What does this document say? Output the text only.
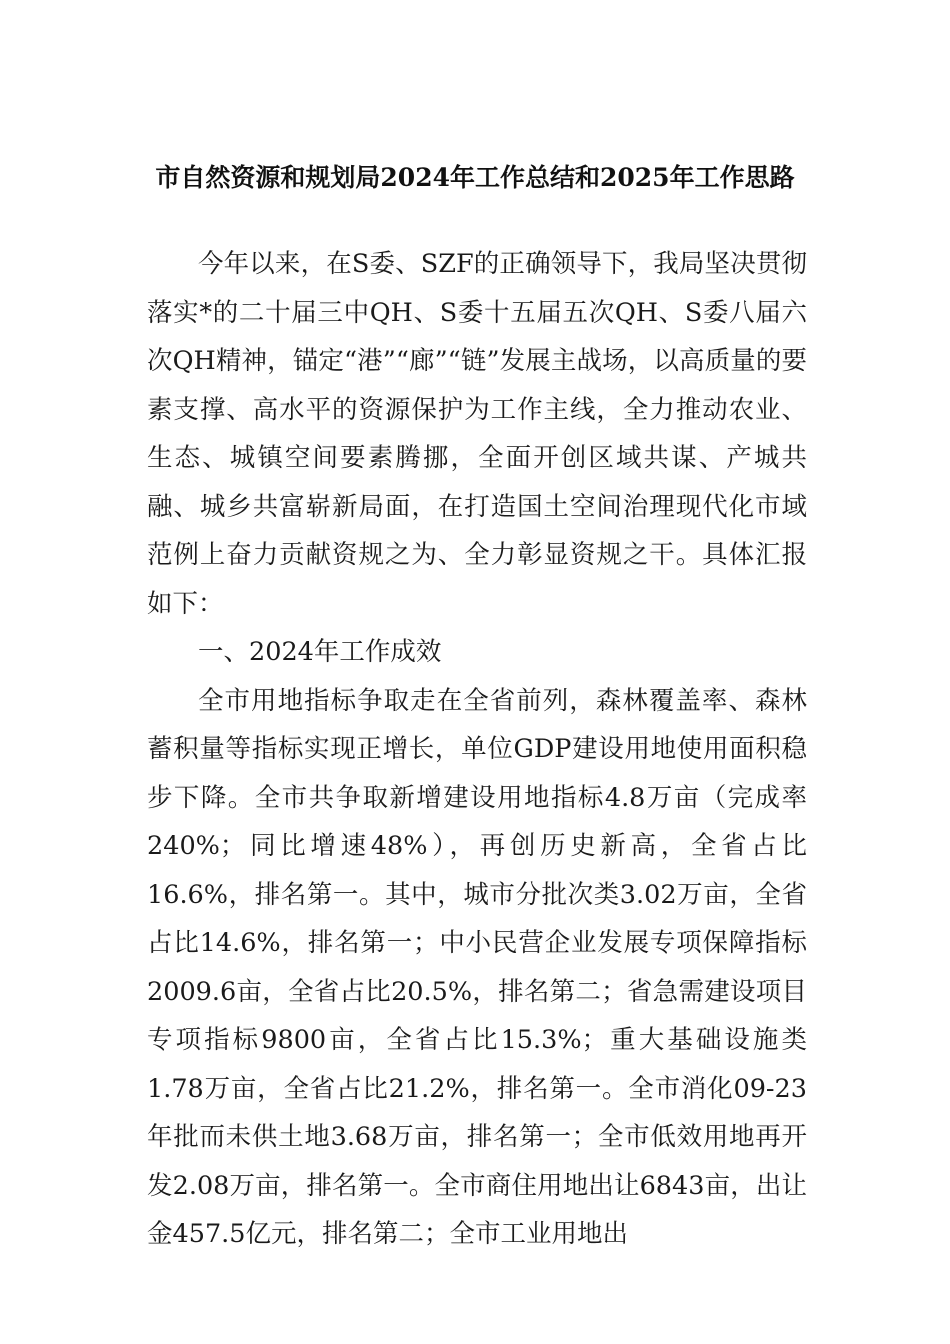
市自然资源和规划局2024年工作总结和2025年工作思路

今年以来，在S委、SZF的正确领导下，我局坚决贯彻落实*的二十届三中QH、S委十五届五次QH、S委八届六次QH精神，锚定“港”“廊”“链”发展主战场，以高质量的要素支撑、高水平的资源保护为工作主线，全力推动农业、生态、城镇空间要素腾挪，全面开创区域共谋、产城共融、城乡共富崭新局面，在打造国土空间治理现代化市域范例上奋力贡献资规之为、全力彰显资规之干。具体汇报如下：

一、2024年工作成效

全市用地指标争取走在全省前列，森林覆盖率、森林蓄积量等指标实现正增长，单位GDP建设用地使用面积稳步下降。全市共争取新增建设用地指标4.8万亩（完成率240%；同比增速48%），再创历史新高，全省占比16.6%，排名第一。其中，城市分批次类3.02万亩，全省占比14.6%，排名第一；中小民营企业发展专项保障指标2009.6亩，全省占比20.5%，排名第二；省急需建设项目专项指标9800亩，全省占比15.3%；重大基础设施类1.78万亩，全省占比21.2%，排名第一。全市消化09-23年批而未供土地3.68万亩，排名第一；全市低效用地再开发2.08万亩，排名第一。全市商住用地出让6843亩，出让金457.5亿元，排名第二；全市工业用地出
